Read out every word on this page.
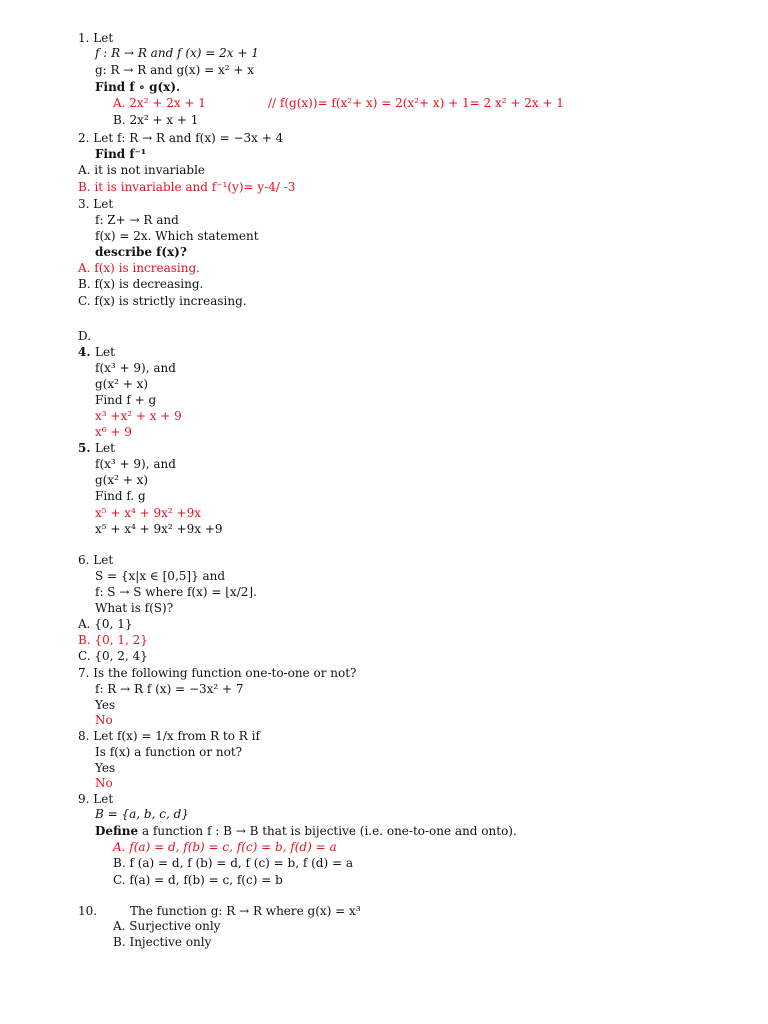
1. Let
f : R → R and f (x) = 2x + 1
g: R → R and g(x) = x² + x
Find f ∘ g(x).
A. 2x² + 2x + 1	// f(g(x))= f(x²+ x) = 2(x²+ x) + 1= 2 x² + 2x + 1
B. 2x² + x + 1
2. Let f: R → R and f(x) = −3x + 4
Find f⁻¹
A. it is not invariable
B. it is invariable and f⁻¹(y)= y-4/ -3
3. Let
f: Z+ → R and
f(x) = 2x. Which statement
describe f(x)?
A. f(x) is increasing.
B. f(x) is decreasing.
C. f(x) is strictly increasing.
D.
4. Let
f(x³ + 9), and
g(x² + x)
Find f + g
x³ +x² + x + 9
x⁶ + 9
5. Let
f(x³ + 9), and
g(x² + x)
Find f. g
x⁵ + x⁴ + 9x² +9x
x⁵ + x⁴ + 9x² +9x +9
6. Let
S = {x|x ∈ [0,5]} and
f: S → S where f(x) = ⌊x/2⌋.
What is f(S)?
A. {0, 1}
B. {0, 1, 2}
C. {0, 2, 4}
7. Is the following function one-to-one or not?
f: R → R f (x) = −3x² + 7
Yes
No
8. Let f(x) = 1/x from R to R if
Is f(x) a function or not?
Yes
No
9. Let
B = {a, b, c, d}
Define a function f : B → B that is bijective (i.e. one-to-one and onto).
A. f(a) = d, f(b) = c, f(c) = b, f(d) = a
B. f (a) = d, f (b) = d, f (c) = b, f (d) = a
C. f(a) = d, f(b) = c, f(c) = b
10.	The function g: R → R where g(x) = x³
A. Surjective only
B. Injective only
